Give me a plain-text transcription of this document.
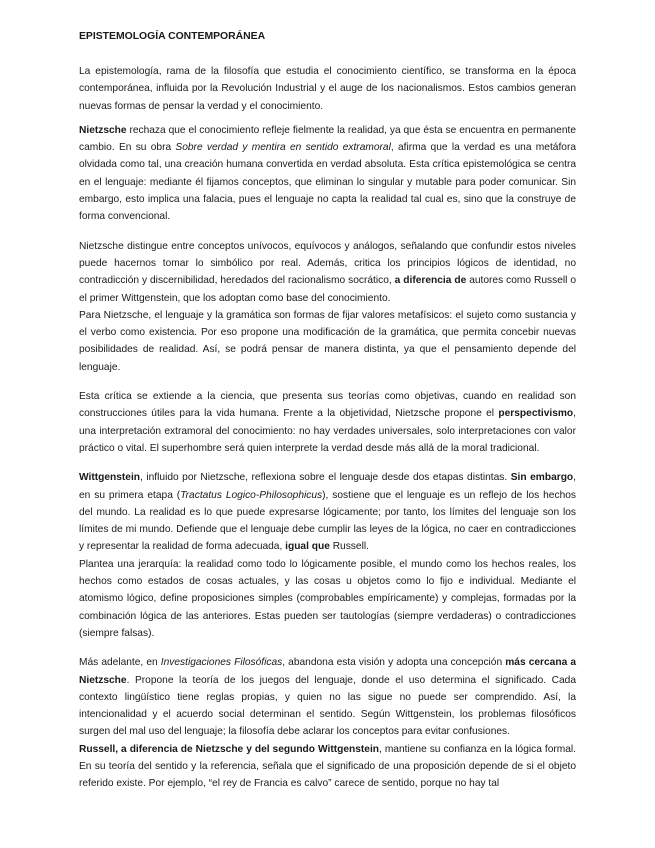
EPISTEMOLOGÍA CONTEMPORÁNEA

La epistemología, rama de la filosofía que estudia el conocimiento científico, se transforma en la época contemporánea, influida por la Revolución Industrial y el auge de los nacionalismos. Estos cambios generan nuevas formas de pensar la verdad y el conocimiento.

Nietzsche rechaza que el conocimiento refleje fielmente la realidad, ya que ésta se encuentra en permanente cambio. En su obra Sobre verdad y mentira en sentido extramoral, afirma que la verdad es una metáfora olvidada como tal, una creación humana convertida en verdad absoluta. Esta crítica epistemológica se centra en el lenguaje: mediante él fijamos conceptos, que eliminan lo singular y mutable para poder comunicar. Sin embargo, esto implica una falacia, pues el lenguaje no capta la realidad tal cual es, sino que la construye de forma convencional.

Nietzsche distingue entre conceptos unívocos, equívocos y análogos, señalando que confundir estos niveles puede hacernos tomar lo simbólico por real. Además, critica los principios lógicos de identidad, no contradicción y discernibilidad, heredados del racionalismo socrático, a diferencia de autores como Russell o el primer Wittgenstein, que los adoptan como base del conocimiento.

Para Nietzsche, el lenguaje y la gramática son formas de fijar valores metafísicos: el sujeto como sustancia y el verbo como existencia. Por eso propone una modificación de la gramática, que permita concebir nuevas posibilidades de realidad. Así, se podrá pensar de manera distinta, ya que el pensamiento depende del lenguaje.

Esta crítica se extiende a la ciencia, que presenta sus teorías como objetivas, cuando en realidad son construcciones útiles para la vida humana. Frente a la objetividad, Nietzsche propone el perspectivismo, una interpretación extramoral del conocimiento: no hay verdades universales, solo interpretaciones con valor práctico o vital. El superhombre será quien interprete la verdad desde más allá de la moral tradicional.

Wittgenstein, influido por Nietzsche, reflexiona sobre el lenguaje desde dos etapas distintas. Sin embargo, en su primera etapa (Tractatus Logico-Philosophicus), sostiene que el lenguaje es un reflejo de los hechos del mundo. La realidad es lo que puede expresarse lógicamente; por tanto, los límites del lenguaje son los límites de mi mundo. Defiende que el lenguaje debe cumplir las leyes de la lógica, no caer en contradicciones y representar la realidad de forma adecuada, igual que Russell.

Plantea una jerarquía: la realidad como todo lo lógicamente posible, el mundo como los hechos reales, los hechos como estados de cosas actuales, y las cosas u objetos como lo fijo e individual. Mediante el atomismo lógico, define proposiciones simples (comprobables empíricamente) y complejas, formadas por la combinación lógica de las anteriores. Estas pueden ser tautologías (siempre verdaderas) o contradicciones (siempre falsas).

Más adelante, en Investigaciones Filosóficas, abandona esta visión y adopta una concepción más cercana a Nietzsche. Propone la teoría de los juegos del lenguaje, donde el uso determina el significado. Cada contexto lingüístico tiene reglas propias, y quien no las sigue no puede ser comprendido. Así, la intencionalidad y el acuerdo social determinan el sentido. Según Wittgenstein, los problemas filosóficos surgen del mal uso del lenguaje; la filosofía debe aclarar los conceptos para evitar confusiones.

Russell, a diferencia de Nietzsche y del segundo Wittgenstein, mantiene su confianza en la lógica formal. En su teoría del sentido y la referencia, señala que el significado de una proposición depende de si el objeto referido existe. Por ejemplo, “el rey de Francia es calvo” carece de sentido, porque no hay tal
